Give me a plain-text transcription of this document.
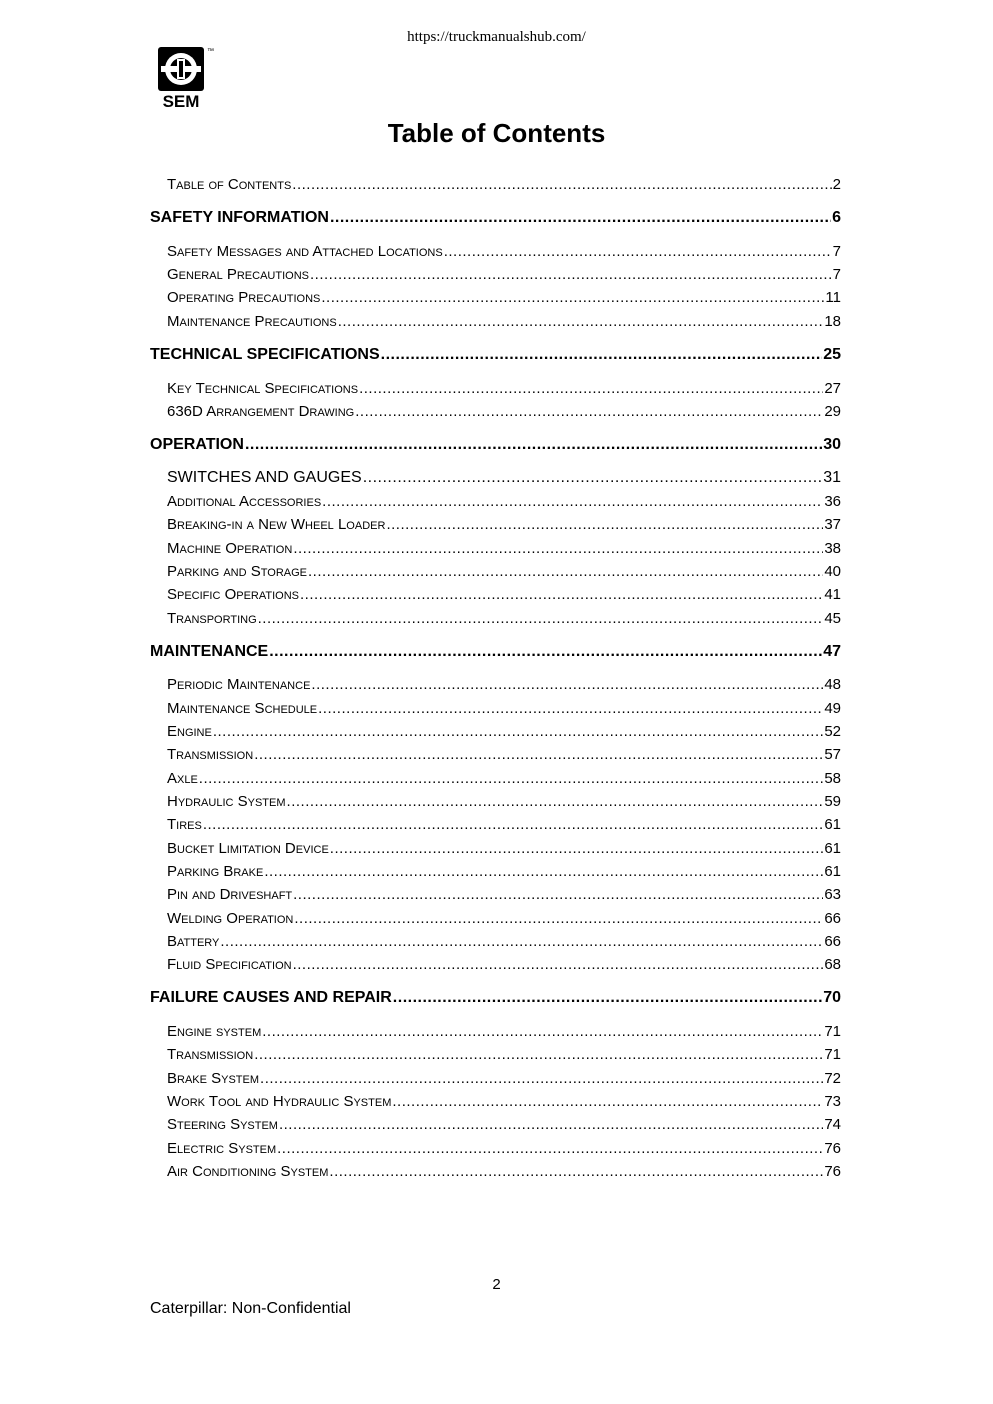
https://truckmanualshub.com/
SEM
™
Table of Contents
Table of Contents .....	2
SAFETY INFORMATION .....	6
Safety Messages and Attached Locations .....	7
General Precautions .....	7
Operating Precautions .....	11
Maintenance Precautions .....	18
TECHNICAL SPECIFICATIONS .....	25
Key Technical Specifications .....	27
636D Arrangement Drawing .....	29
OPERATION .....	30
SWITCHES AND GAUGES .....	31
Additional Accessories .....	36
Breaking-in a New Wheel Loader .....	37
Machine Operation .....	38
Parking and Storage .....	40
Specific Operations .....	41
Transporting .....	45
MAINTENANCE .....	47
Periodic Maintenance .....	48
Maintenance Schedule .....	49
Engine .....	52
Transmission .....	57
Axle .....	58
Hydraulic System .....	59
Tires .....	61
Bucket Limitation Device .....	61
Parking Brake .....	61
Pin and Driveshaft .....	63
Welding Operation .....	66
Battery .....	66
Fluid Specification .....	68
FAILURE CAUSES AND REPAIR .....	70
Engine system .....	71
Transmission .....	71
Brake System .....	72
Work Tool and Hydraulic System .....	73
Steering System .....	74
Electric System .....	76
Air Conditioning System .....	76
2
Caterpillar: Non-Confidential
